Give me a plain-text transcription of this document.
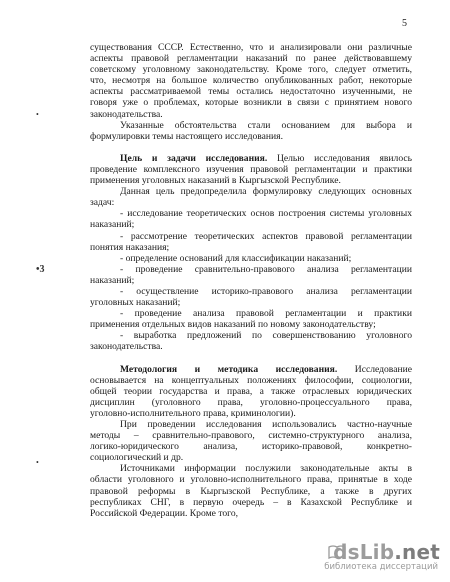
5
•
•3
•
существования СССР. Естественно, что и анализировали они различные
аспекты правовой регламентации наказаний по ранее действовавшему
советскому уголовному законодательству. Кроме того, следует отметить,
что, несмотря на большое количество опубликованных работ, некоторые
аспекты рассматриваемой темы остались недостаточно изученными, не
говоря уже о проблемах, которые возникли в связи с принятием нового
законодательства.
Указанные обстоятельства стали основанием для выбора и
формулировки темы настоящего исследования.
Цель и задачи исследования. Целью исследования явилось
проведение комплексного изучения правовой регламентации и практики
применения уголовных наказаний в Кыргызской Республике.
Данная цель предопределила формулировку следующих основных
задач:
- исследование теоретических основ построения системы уголовных
наказаний;
- рассмотрение теоретических аспектов правовой регламентации
понятия наказания;
- определение оснований для классификации наказаний;
- проведение сравнительно-правового анализа регламентации
наказаний;
- осуществление историко-правового анализа регламентации
уголовных наказаний;
- проведение анализа правовой регламентации и практики
применения отдельных видов наказаний по новому законодательству;
- выработка предложений по совершенствованию уголовного
законодательства.
Методология и методика исследования. Исследование
основывается на концептуальных положениях философии, социологии,
общей теории государства и права, а также отраслевых юридических
дисциплин (уголовного права, уголовно-процессуального права,
уголовно-исполнительного права, криминологии).
При проведении исследования использовались частно-научные
методы – сравнительно-правового, системно-структурного анализа,
логико-юридического анализа, историко-правовой, конкретно-
социологический и др.
Источниками информации послужили законодательные акты в
области уголовного и уголовно-исполнительного права, принятые в ходе
правовой реформы в Кыргызской Республике, а также в других
республиках СНГ, в первую очередь – в Казахской Республике и
Российской Федерации. Кроме того,
dsLib.net
библиотека диссертаций
